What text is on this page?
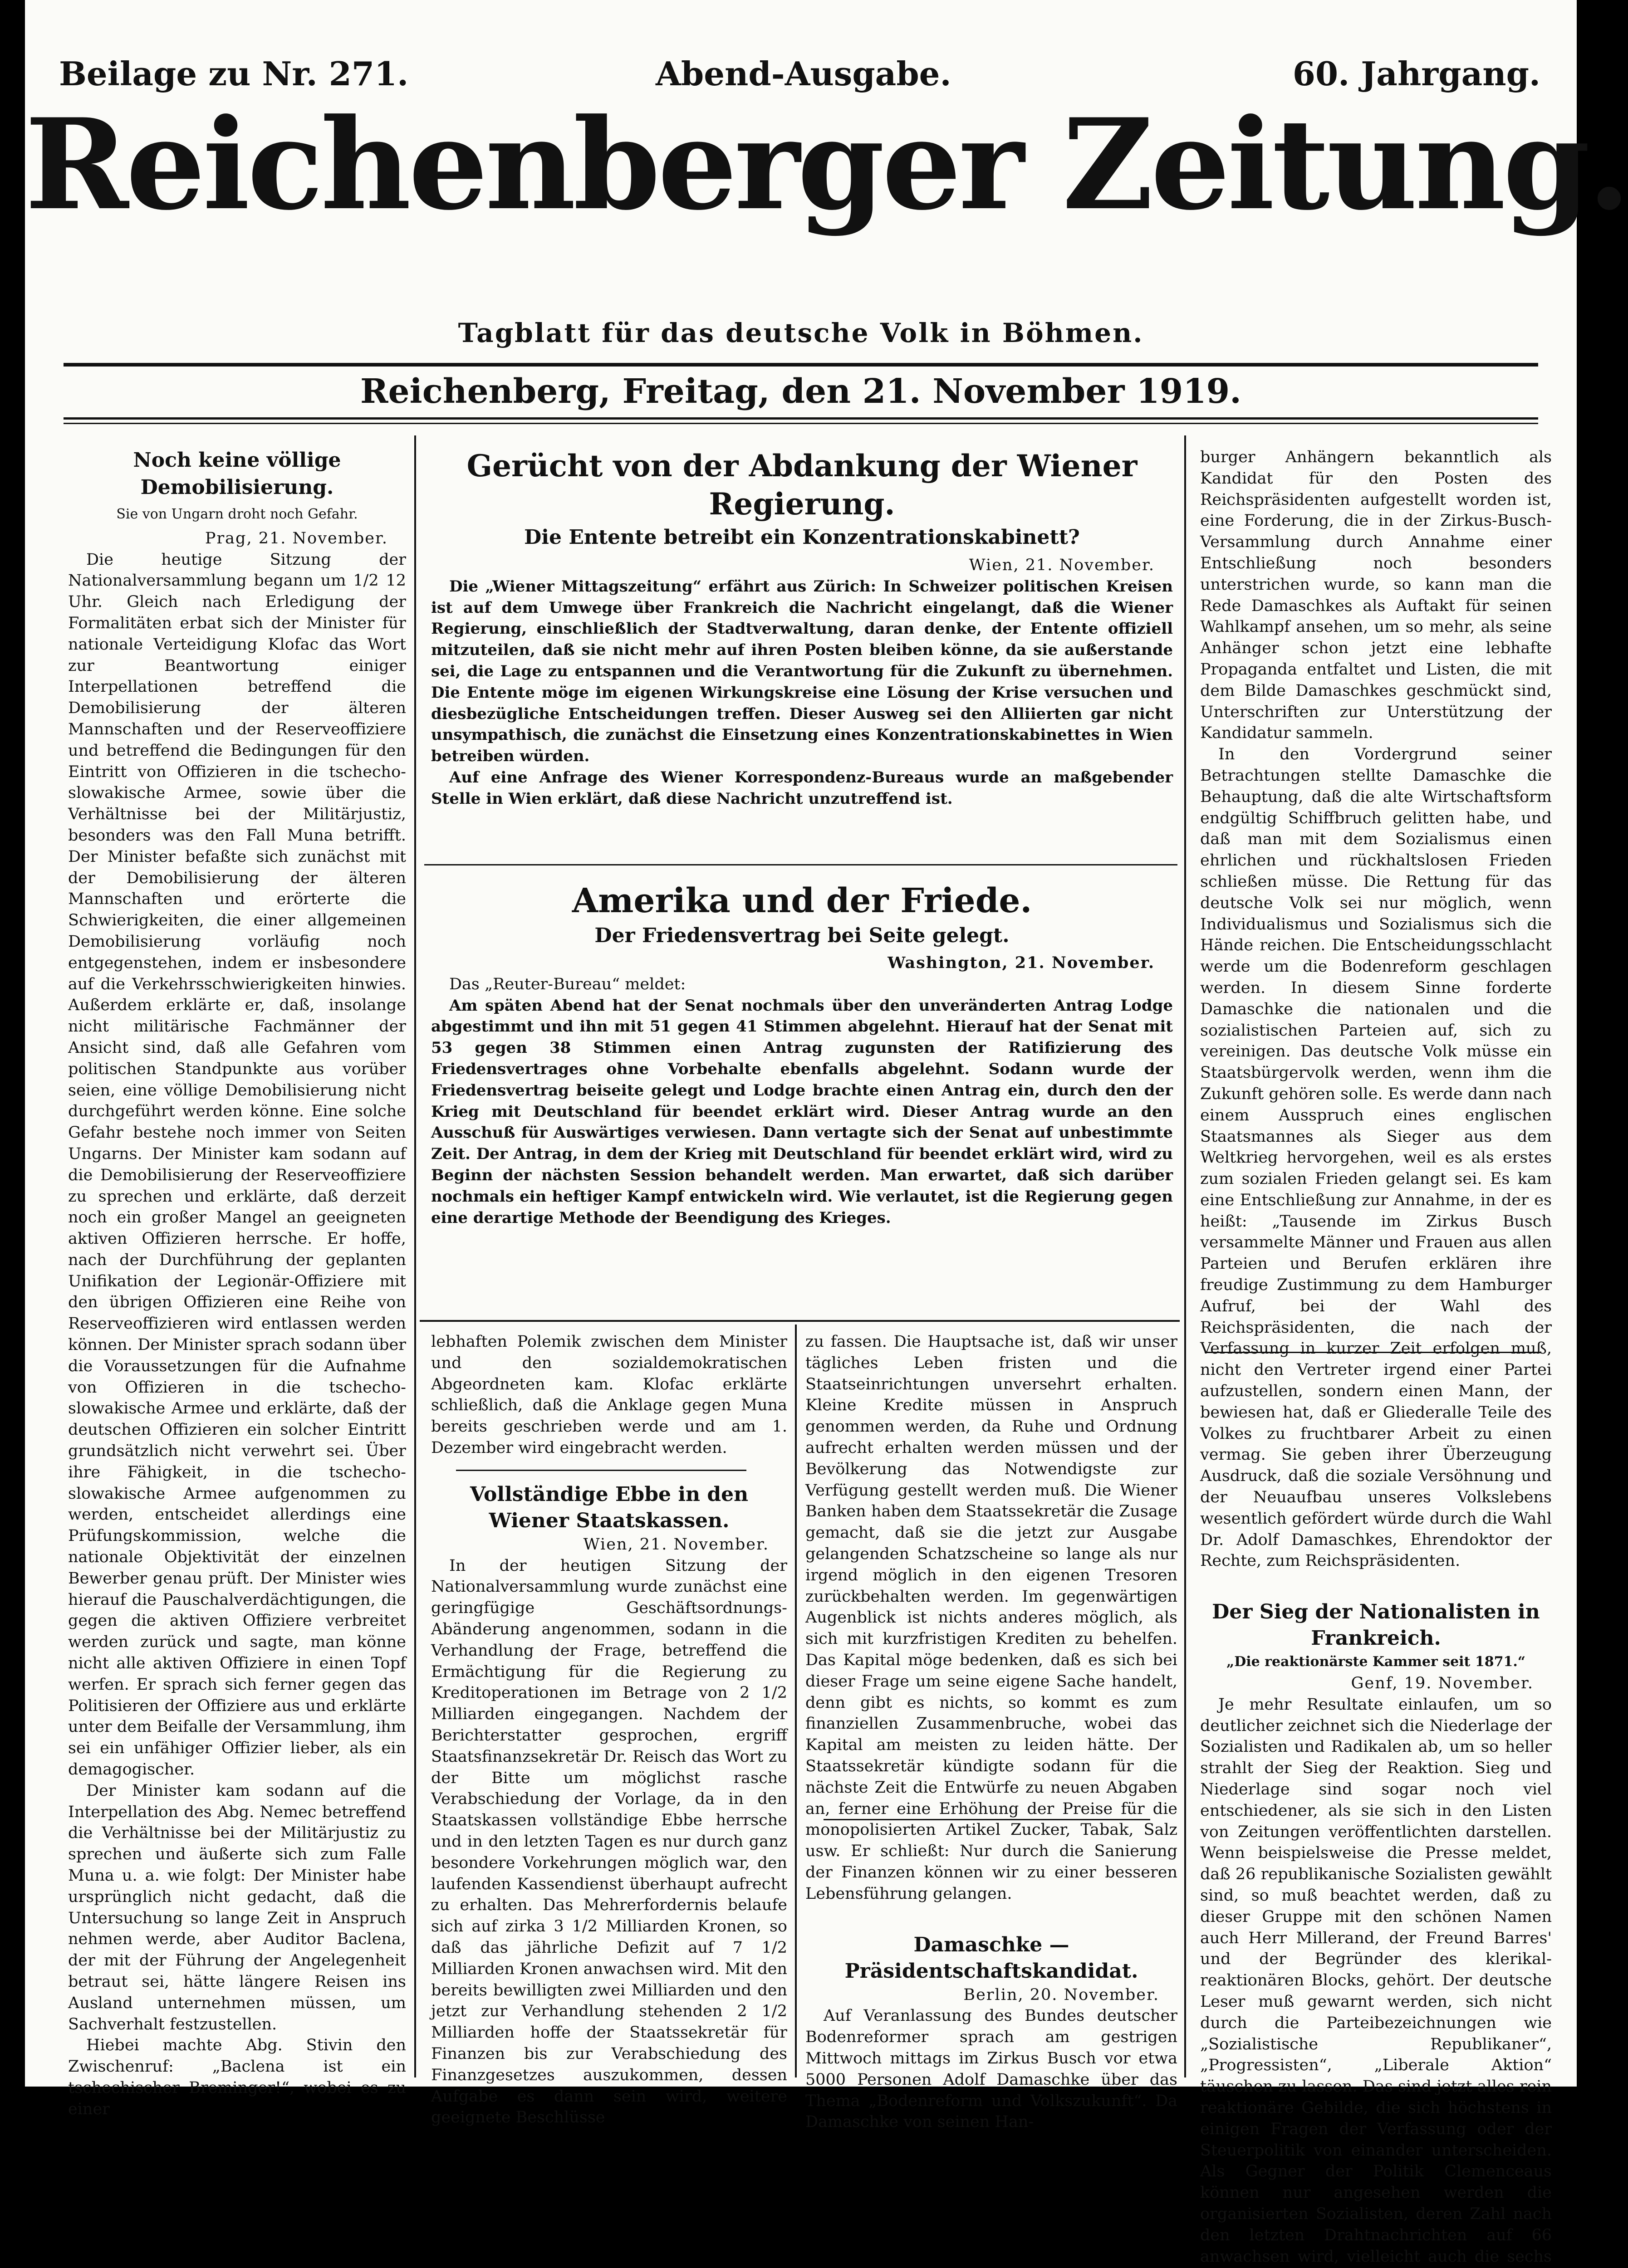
Beilage zu Nr. 271.	Abend-Ausgabe.	60. Jahrgang.
Reichenberger Zeitung.
Tagblatt für das deutsche Volk in Böhmen.
Reichenberg, Freitag, den 21. November 1919.
Noch keine völlige Demobilisierung.
Sie von Ungarn droht noch Gefahr.
Prag, 21. November.

Die heutige Sitzung der Nationalversammlung begann um 1/2 12 Uhr. Gleich nach Erledigung der Formalitäten erbat sich der Minister für nationale Verteidigung Klofac das Wort zur Beantwortung einiger Interpellationen betreffend die Demobilisierung der älteren Mannschaften und der Reserveoffiziere und betreffend die Bedingungen für den Eintritt von Offizieren in die tschecho-slowakische Armee, sowie über die Verhältnisse bei der Militärjustiz, besonders was den Fall Muna betrifft. Der Minister befaßte sich zunächst mit der Demobilisierung der älteren Mannschaften und erörterte die Schwierigkeiten, die einer allgemeinen Demobilisierung vorläufig noch entgegenstehen, indem er insbesondere auf die Verkehrsschwierigkeiten hinwies. Außerdem erklärte er, daß, insolange nicht militärische Fachmänner der Ansicht sind, daß alle Gefahren vom politischen Standpunkte aus vorüber seien, eine völlige Demobilisierung nicht durchgeführt werden könne. Eine solche Gefahr bestehe noch immer von Seiten Ungarns. Der Minister kam sodann auf die Demobilisierung der Reserveoffiziere zu sprechen und erklärte, daß derzeit noch ein großer Mangel an geeigneten aktiven Offizieren herrsche. Er hoffe, nach der Durchführung der geplanten Unifikation der Legionär-Offiziere mit den übrigen Offizieren eine Reihe von Reserveoffizieren wird entlassen werden können. Der Minister sprach sodann über die Voraussetzungen für die Aufnahme von Offizieren in die tschecho-slowakische Armee und erklärte, daß der deutschen Offizieren ein solcher Eintritt grundsätzlich nicht verwehrt sei. Über ihre Fähigkeit, in die tschecho-slowakische Armee aufgenommen zu werden, entscheidet allerdings eine Prüfungskommission, welche die nationale Objektivität der einzelnen Bewerber genau prüft. Der Minister wies hierauf die Pauschalverdächtigungen, die gegen die aktiven Offiziere verbreitet werden zurück und sagte, man könne nicht alle aktiven Offiziere in einen Topf werfen. Er sprach sich ferner gegen das Politisieren der Offiziere aus und erklärte unter dem Beifalle der Versammlung, ihm sei ein unfähiger Offizier lieber, als ein demagogischer.

Der Minister kam sodann auf die Interpellation des Abg. Nemec betreffend die Verhältnisse bei der Militärjustiz zu sprechen und äußerte sich zum Falle Muna u. a. wie folgt: Der Minister habe ursprünglich nicht gedacht, daß die Untersuchung so lange Zeit in Anspruch nehmen werde, aber Auditor Baclena, der mit der Führung der Angelegenheit betraut sei, hätte längere Reisen ins Ausland unternehmen müssen, um Sachverhalt festzustellen.

Hiebei machte Abg. Stivin den Zwischenruf: „Baclena ist ein tschechischer Breminger!“, wobei es zu einer

Gerücht von der Abdankung der Wiener Regierung.
Die Entente betreibt ein Konzentrationskabinett?
Wien, 21. November.

Die „Wiener Mittagszeitung“ erfährt aus Zürich: In Schweizer politischen Kreisen ist auf dem Umwege über Frankreich die Nachricht eingelangt, daß die Wiener Regierung, einschließlich der Stadtverwaltung, daran denke, der Entente offiziell mitzuteilen, daß sie nicht mehr auf ihren Posten bleiben könne, da sie außerstande sei, die Lage zu entspannen und die Verantwortung für die Zukunft zu übernehmen. Die Entente möge im eigenen Wirkungskreise eine Lösung der Krise versuchen und diesbezügliche Entscheidungen treffen. Dieser Ausweg sei den Alliierten gar nicht unsympathisch, die zunächst die Einsetzung eines Konzentrationskabinettes in Wien betreiben würden.

Auf eine Anfrage des Wiener Korrespondenz-Bureaus wurde an maßgebender Stelle in Wien erklärt, daß diese Nachricht unzutreffend ist.

Amerika und der Friede.
Der Friedensvertrag bei Seite gelegt.
Washington, 21. November.

Das „Reuter-Bureau“ meldet:

Am späten Abend hat der Senat nochmals über den unveränderten Antrag Lodge abgestimmt und ihn mit 51 gegen 41 Stimmen abgelehnt. Hierauf hat der Senat mit 53 gegen 38 Stimmen einen Antrag zugunsten der Ratifizierung des Friedensvertrages ohne Vorbehalte ebenfalls abgelehnt. Sodann wurde der Friedensvertrag beiseite gelegt und Lodge brachte einen Antrag ein, durch den der Krieg mit Deutschland für beendet erklärt wird. Dieser Antrag wurde an den Ausschuß für Auswärtiges verwiesen. Dann vertagte sich der Senat auf unbestimmte Zeit. Der Antrag, in dem der Krieg mit Deutschland für beendet erklärt wird, wird zu Beginn der nächsten Session behandelt werden. Man erwartet, daß sich darüber nochmals ein heftiger Kampf entwickeln wird. Wie verlautet, ist die Regierung gegen eine derartige Methode der Beendigung des Krieges.

lebhaften Polemik zwischen dem Minister und den sozialdemokratischen Abgeordneten kam. Klofac erklärte schließlich, daß die Anklage gegen Muna bereits geschrieben werde und am 1. Dezember wird eingebracht werden.

Vollständige Ebbe in den Wiener Staatskassen.
Wien, 21. November.

In der heutigen Sitzung der Nationalversammlung wurde zunächst eine geringfügige Geschäftsordnungs-Abänderung angenommen, sodann in die Verhandlung der Frage, betreffend die Ermächtigung für die Regierung zu Kreditoperationen im Betrage von 2 1/2 Milliarden eingegangen. Nachdem der Berichterstatter gesprochen, ergriff Staatsfinanzsekretär Dr. Reisch das Wort zu der Bitte um möglichst rasche Verabschiedung der Vorlage, da in den Staatskassen vollständige Ebbe herrsche und in den letzten Tagen es nur durch ganz besondere Vorkehrungen möglich war, den laufenden Kassendienst überhaupt aufrecht zu erhalten. Das Mehrerfordernis belaufe sich auf zirka 3 1/2 Milliarden Kronen, so daß das jährliche Defizit auf 7 1/2 Milliarden Kronen anwachsen wird. Mit den bereits bewilligten zwei Milliarden und den jetzt zur Verhandlung stehenden 2 1/2 Milliarden hoffe der Staatssekretär für Finanzen bis zur Verabschiedung des Finanzgesetzes auszukommen, dessen Aufgabe es dann sein wird, weitere geeignete Beschlüsse

zu fassen. Die Hauptsache ist, daß wir unser tägliches Leben fristen und die Staatseinrichtungen unversehrt erhalten. Kleine Kredite müssen in Anspruch genommen werden, da Ruhe und Ordnung aufrecht erhalten werden müssen und der Bevölkerung das Notwendigste zur Verfügung gestellt werden muß. Die Wiener Banken haben dem Staatssekretär die Zusage gemacht, daß sie die jetzt zur Ausgabe gelangenden Schatzscheine so lange als nur irgend möglich in den eigenen Tresoren zurückbehalten werden. Im gegenwärtigen Augenblick ist nichts anderes möglich, als sich mit kurzfristigen Krediten zu behelfen. Das Kapital möge bedenken, daß es sich bei dieser Frage um seine eigene Sache handelt, denn gibt es nichts, so kommt es zum finanziellen Zusammenbruche, wobei das Kapital am meisten zu leiden hätte. Der Staatssekretär kündigte sodann für die nächste Zeit die Entwürfe zu neuen Abgaben an, ferner eine Erhöhung der Preise für die monopolisierten Artikel Zucker, Tabak, Salz usw. Er schließt: Nur durch die Sanierung der Finanzen können wir zu einer besseren Lebensführung gelangen.

Damaschke — Präsidentschaftskandidat.
Berlin, 20. November.

Auf Veranlassung des Bundes deutscher Bodenreformer sprach am gestrigen Mittwoch mittags im Zirkus Busch vor etwa 5000 Personen Adolf Damaschke über das Thema „Bodenreform und Volkszukunft“. Da Damaschke von seinen Han-

burger Anhängern bekanntlich als Kandidat für den Posten des Reichspräsidenten aufgestellt worden ist, eine Forderung, die in der Zirkus-Busch-Versammlung durch Annahme einer Entschließung noch besonders unterstrichen wurde, so kann man die Rede Damaschkes als Auftakt für seinen Wahlkampf ansehen, um so mehr, als seine Anhänger schon jetzt eine lebhafte Propaganda entfaltet und Listen, die mit dem Bilde Damaschkes geschmückt sind, Unterschriften zur Unterstützung der Kandidatur sammeln.

In den Vordergrund seiner Betrachtungen stellte Damaschke die Behauptung, daß die alte Wirtschaftsform endgültig Schiffbruch gelitten habe, und daß man mit dem Sozialismus einen ehrlichen und rückhaltslosen Frieden schließen müsse. Die Rettung für das deutsche Volk sei nur möglich, wenn Individualismus und Sozialismus sich die Hände reichen. Die Entscheidungsschlacht werde um die Bodenreform geschlagen werden. In diesem Sinne forderte Damaschke die nationalen und die sozialistischen Parteien auf, sich zu vereinigen. Das deutsche Volk müsse ein Staatsbürgervolk werden, wenn ihm die Zukunft gehören solle. Es werde dann nach einem Ausspruch eines englischen Staatsmannes als Sieger aus dem Weltkrieg hervorgehen, weil es als erstes zum sozialen Frieden gelangt sei. Es kam eine Entschließung zur Annahme, in der es heißt: „Tausende im Zirkus Busch versammelte Männer und Frauen aus allen Parteien und Berufen erklären ihre freudige Zustimmung zu dem Hamburger Aufruf, bei der Wahl des Reichspräsidenten, die nach der Verfassung in kurzer Zeit erfolgen muß, nicht den Vertreter irgend einer Partei aufzustellen, sondern einen Mann, der bewiesen hat, daß er Gliederalle Teile des Volkes zu fruchtbarer Arbeit zu einen vermag. Sie geben ihrer Überzeugung Ausdruck, daß die soziale Versöhnung und der Neuaufbau unseres Volkslebens wesentlich gefördert würde durch die Wahl Dr. Adolf Damaschkes, Ehrendoktor der Rechte, zum Reichspräsidenten.

Der Sieg der Nationalisten in Frankreich.
„Die reaktionärste Kammer seit 1871.“
Genf, 19. November.

Je mehr Resultate einlaufen, um so deutlicher zeichnet sich die Niederlage der Sozialisten und Radikalen ab, um so heller strahlt der Sieg der Reaktion. Sieg und Niederlage sind sogar noch viel entschiedener, als sie sich in den Listen von Zeitungen veröffentlichten darstellen. Wenn beispielsweise die Presse meldet, daß 26 republikanische Sozialisten gewählt sind, so muß beachtet werden, daß zu dieser Gruppe mit den schönen Namen auch Herr Millerand, der Freund Barres' und der Begründer des klerikal-reaktionären Blocks, gehört. Der deutsche Leser muß gewarnt werden, sich nicht durch die Parteibezeichnungen wie „Sozialistische Republikaner“, „Progressisten“, „Liberale Aktion“ täuschen zu lassen. Das sind jetzt alles rein reaktionäre Gebilde, die sich höchstens in einigen Fragen der Verfassung oder der Steuerpolitik von einander unterscheiden. Als Gegner der Politik Clemenceaus können nur angesehen werden die organisierten Sozialisten, deren Zahl nach den letzten Drahtnachrichten auf 66 anwachsen wird, vielleicht auch die sechs
